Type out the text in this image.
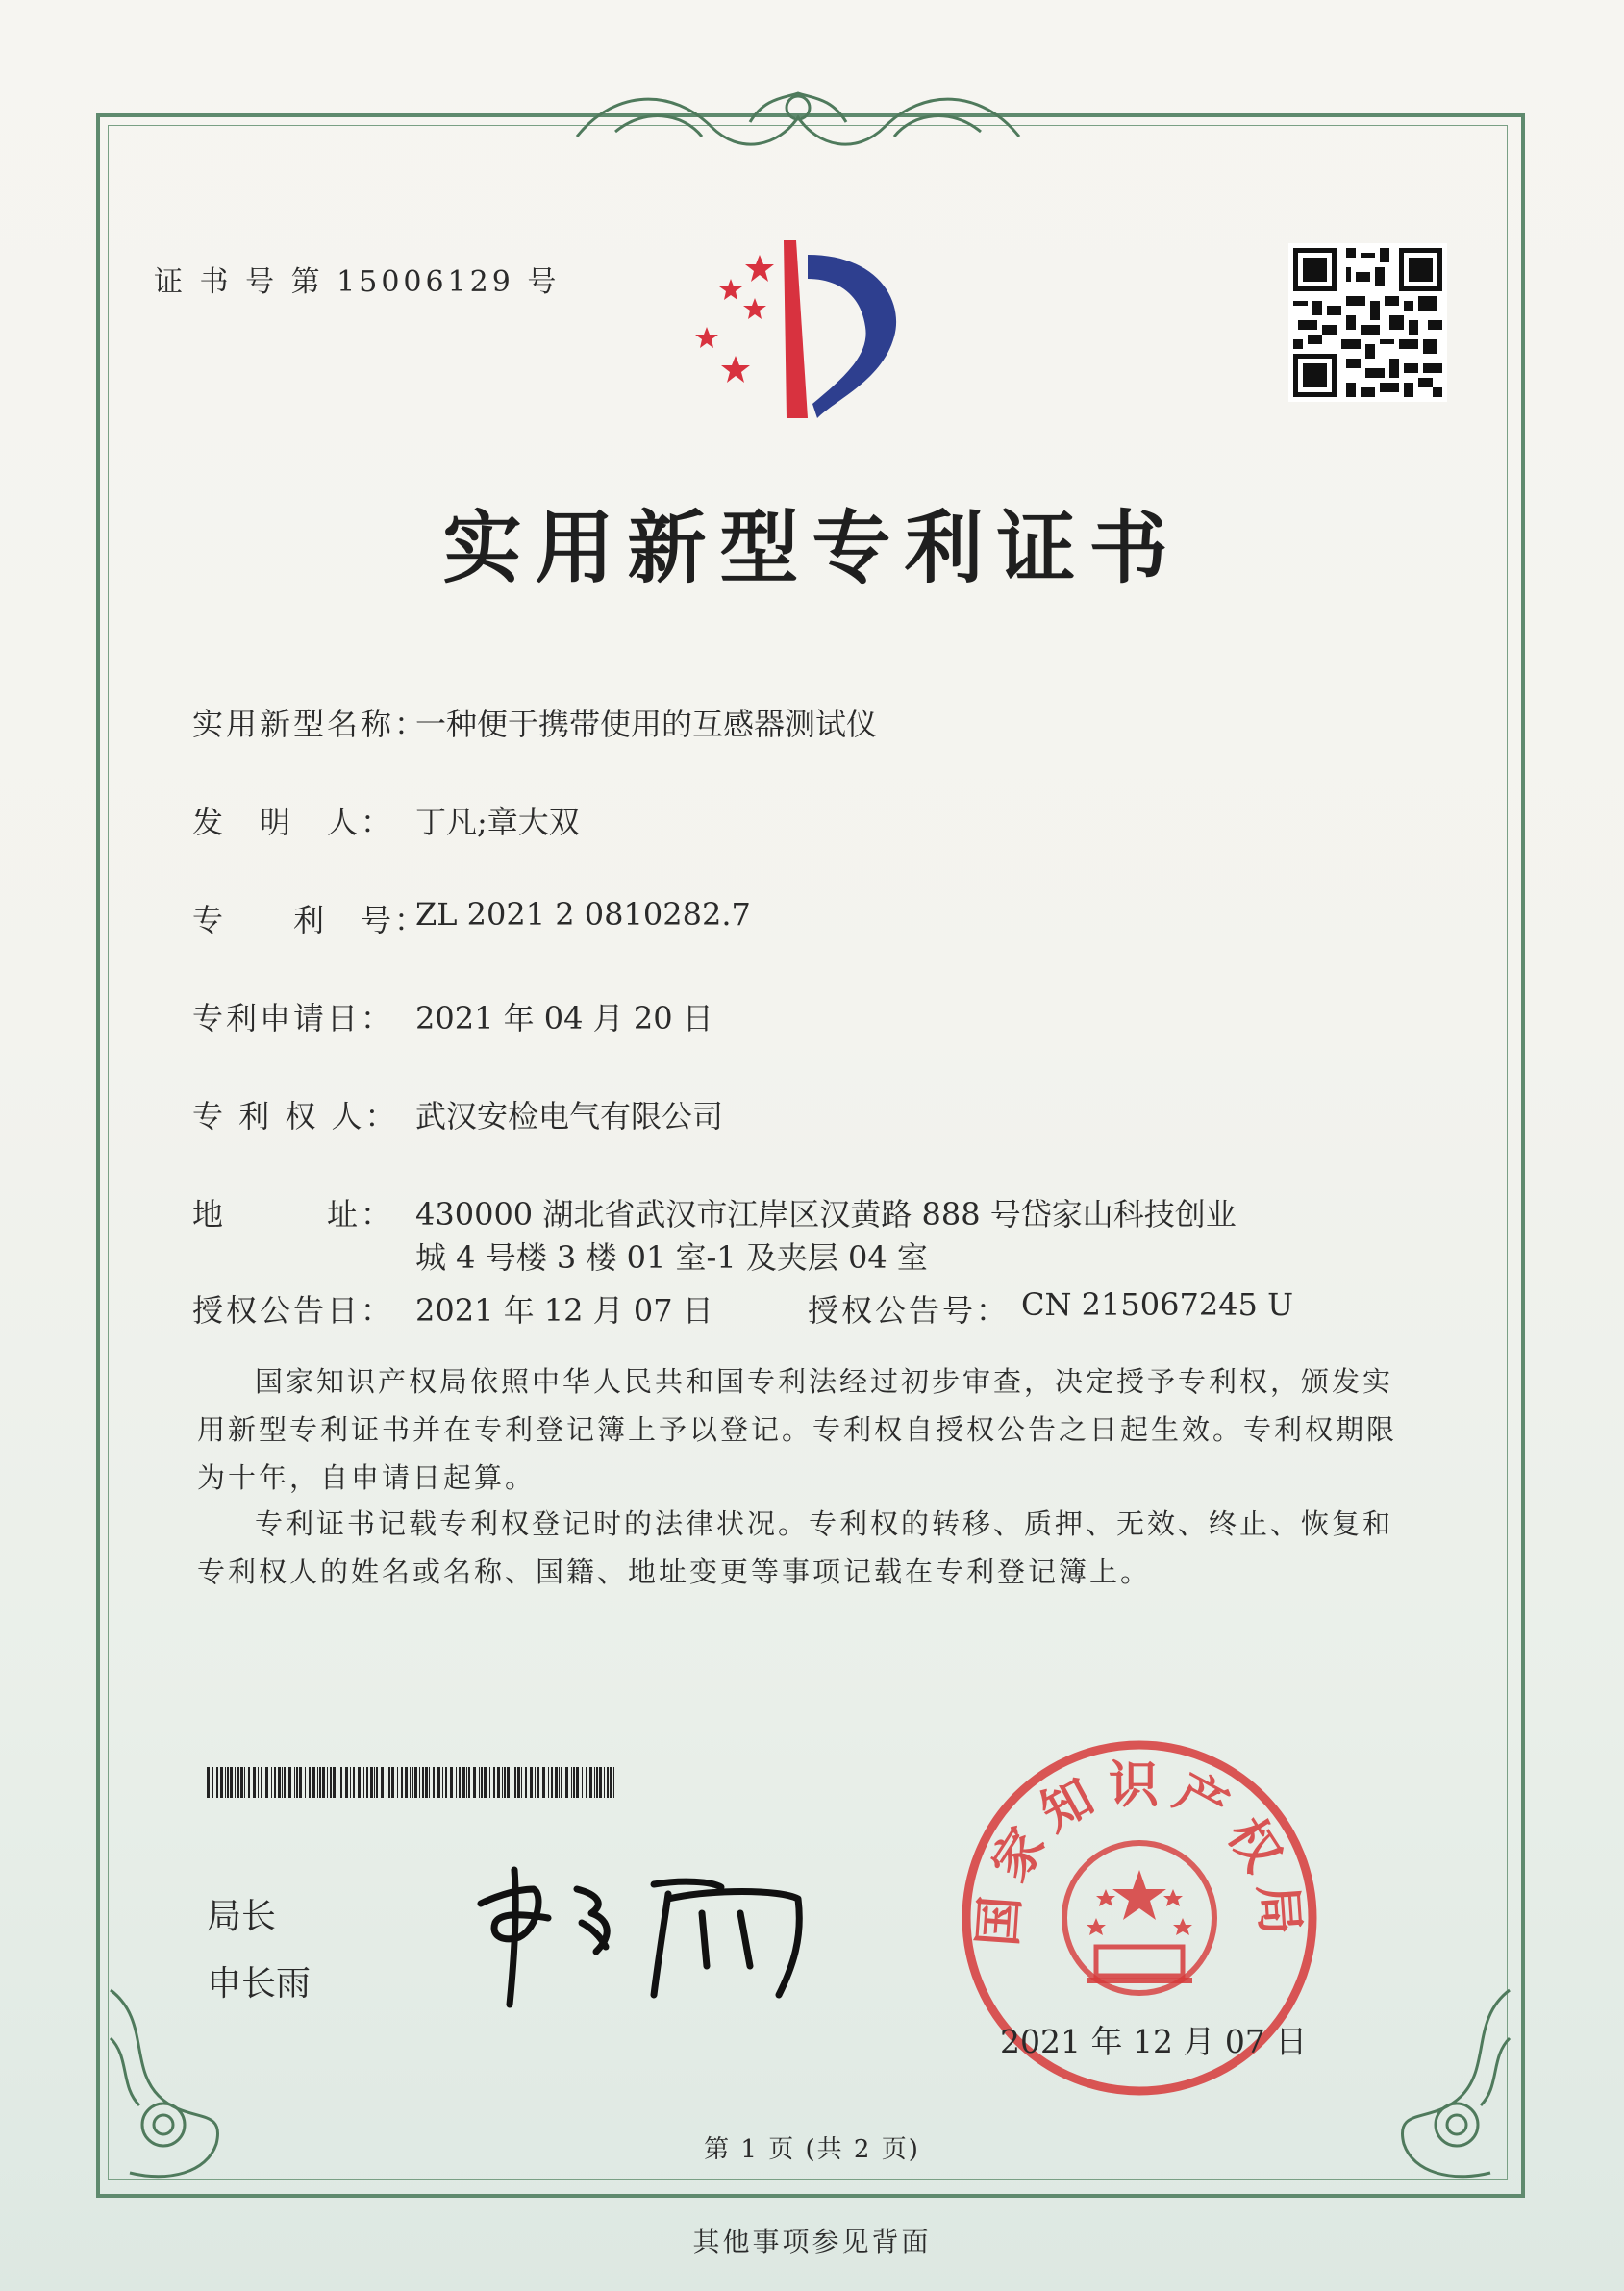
证 书 号 第 15006129 号
实用新型专利证书
实用新型名称：
一种便于携带使用的互感器测试仪
发　明　人： 丁凡;章大双
专　　利　号：
ZL 2021 2 0810282.7
专利申请日： 2021 年 04 月 20 日
专 利 权 人： 武汉安检电气有限公司
地　　　址： 430000 湖北省武汉市江岸区汉黄路 888 号岱家山科技创业
城 4 号楼 3 楼 01 室-1 及夹层 04 室
授权公告日： 2021 年 12 月 07 日	授权公告号： CN 215067245 U
国家知识产权局依照中华人民共和国专利法经过初步审查，决定授予专利权，颁发实用新型专利证书并在专利登记簿上予以登记。专利权自授权公告之日起生效。专利权期限为十年，自申请日起算。
专利证书记载专利权登记时的法律状况。专利权的转移、质押、无效、终止、恢复和专利权人的姓名或名称、国籍、地址变更等事项记载在专利登记簿上。
局长
申长雨
国家知识产权局
2021 年 12 月 07 日
第 1 页 (共 2 页)
其他事项参见背面
